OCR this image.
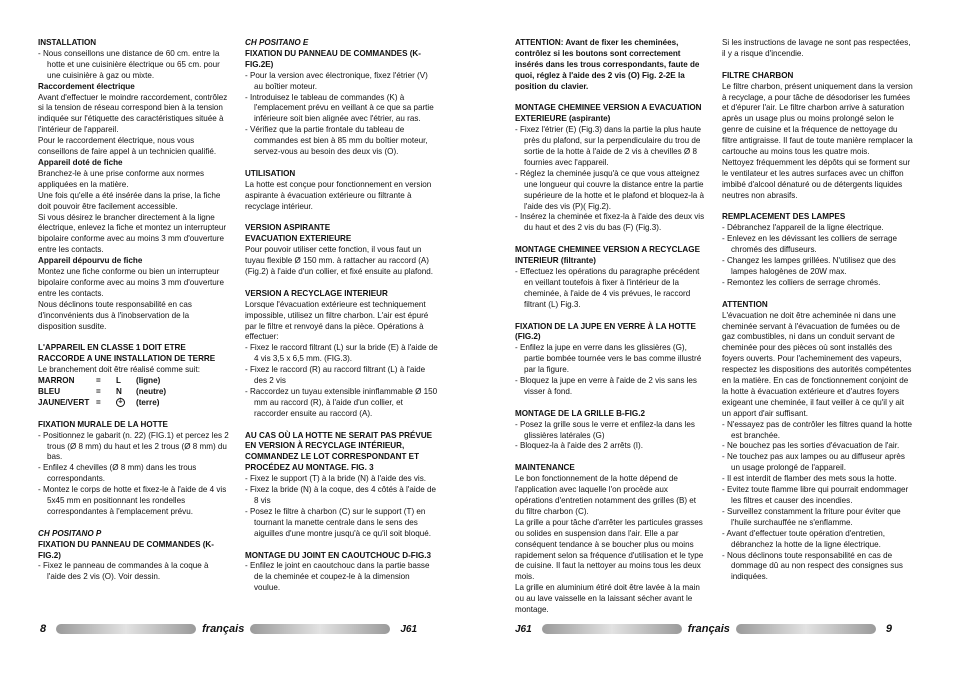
INSTALLATION

- Nous conseillons une distance de 60 cm. entre la hotte et une cuisinière électrique ou 65 cm. pour une cuisinière à gaz ou mixte.

Raccordement électrique

Avant d'effectuer le moindre raccordement, contrôlez si la tension de réseau correspond bien à la tension indiquée sur l'étiquette des caractéristiques située à l'intérieur de l'appareil.

Pour le raccordement électrique, nous vous conseillons de faire appel à un technicien qualifié.

Appareil doté de fiche

Branchez-le à une prise conforme aux normes appliquées en la matière.

Une fois qu'elle a été insérée dans la prise, la fiche doit pouvoir être facilement accessible.

Si vous désirez le brancher directement à la ligne électrique, enlevez la fiche et montez un interrupteur bipolaire conforme avec au moins 3 mm d'ouverture entre les contacts.

Appareil dépourvu de fiche

Montez une fiche conforme ou bien un interrupteur bipolaire conforme avec au moins 3 mm d'ouverture entre les contacts.

Nous déclinons toute responsabilité en cas d'inconvénients dus à l'inobservation de la disposition susdite.

L'APPAREIL EN CLASSE 1 DOIT ETRE RACCORDE A UNE INSTALLATION DE TERRE

Le branchement doit être réalisé comme suit:

MARRON	=	L	(ligne)
BLEU	=	N	(neutre)
JAUNE/VERT =	⏚ (terre)

FIXATION MURALE DE LA HOTTE

- Positionnez le gabarit (n. 22) (FIG.1) et percez les 2 trous (Ø 8 mm) du haut et les 2 trous (Ø 8 mm) du bas.

- Enfilez 4 chevilles (Ø 8 mm) dans les trous correspondants.

- Montez le corps de hotte et fixez-le à l'aide de 4 vis 5x45 mm en positionnant les rondelles correspondantes à l'emplacement prévu.

CH POSITANO P

FIXATION DU PANNEAU DE COMMANDES (K-FIG.2)

- Fixez le panneau de commandes à la coque à l'aide des 2 vis (O). Voir dessin.

CH POSITANO E

FIXATION DU PANNEAU DE COMMANDES (K-FIG.2E)

- Pour la version avec électronique, fixez l'étrier (V) au boîtier moteur.

- Introduisez le tableau de commandes (K) à l'emplacement prévu en veillant à ce que sa partie inférieure soit bien alignée avec l'étrier, au ras.

- Vérifiez que la partie frontale du tableau de commandes est bien à 85 mm du boîtier moteur, servez-vous au besoin des deux vis (O).

UTILISATION

La hotte est conçue pour fonctionnement en version aspirante à évacuation extérieure ou filtrante à recyclage intérieur.

VERSION ASPIRANTE

EVACUATION EXTERIEURE

Pour pouvoir utiliser cette fonction, il vous faut un tuyau flexible Ø 150 mm. à rattacher au raccord (A) (Fig.2) à l'aide d'un collier, et fixé ensuite au plafond.

VERSION A RECYCLAGE INTERIEUR

Lorsque l'évacuation extérieure est techniquement impossible, utilisez un filtre charbon. L'air est épuré par le filtre et renvoyé dans la pièce. Opérations à effectuer:

- Fixez le raccord filtrant (L) sur la bride (E) à l'aide de 4 vis 3,5 x 6,5 mm. (FIG.3).

- Fixez le raccord (R) au raccord filtrant (L) à l'aide des 2 vis

- Raccordez un tuyau extensible ininflammable Ø 150 mm au raccord (R), à l'aide d'un collier, et raccorder ensuite au raccord (A).

AU CAS OÙ LA HOTTE NE SERAIT PAS PRÉVUE EN VERSION À RECYCLAGE INTÉRIEUR, COMMANDEZ LE LOT CORRESPONDANT ET PROCÉDEZ AU MONTAGE. FIG. 3

- Fixez le support (T) à la bride (N) à l'aide des vis.

- Fixez la bride (N) à la coque, des 4 côtés à l'aide de 8 vis

- Posez le filtre à charbon (C) sur le support (T) en tournant la manette centrale dans le sens des aiguilles d'une montre jusqu'à ce qu'il soit bloqué.

MONTAGE DU JOINT EN CAOUTCHOUC D-FIG.3

- Enfilez le joint en caoutchouc dans la partie basse de la cheminée et coupez-le à la dimension voulue.

8	français	J61

ATTENTION: Avant de fixer les cheminées, contrôlez si les boutons sont correctement insérés dans les trous correspondants, faute de quoi, réglez à l'aide des 2 vis (O) Fig. 2-2E la position du clavier.

MONTAGE CHEMINEE VERSION A EVACUATION EXTERIEURE (aspirante)

- Fixez l'étrier (E) (Fig.3) dans la partie la plus haute près du plafond, sur la perpendiculaire du trou de sortie de la hotte à l'aide de 2 vis à chevilles Ø 8 fournies avec l'appareil.

- Réglez la cheminée jusqu'à ce que vous atteignez une longueur qui couvre la distance entre la partie supérieure de la hotte et le plafond et bloquez-la à l'aide des vis (P)( Fig.2).

- Insérez la cheminée et fixez-la à l'aide des deux vis du haut et des 2 vis du bas (F) (Fig.3).

MONTAGE CHEMINEE VERSION A RECYCLAGE INTERIEUR (filtrante)

- Effectuez les opérations du paragraphe précédent en veillant toutefois à fixer à l'intérieur de la cheminée, à l'aide de 4 vis prévues, le raccord filtrant (L) Fig.3.

FIXATION DE LA JUPE EN VERRE À LA HOTTE (FIG.2)

- Enfilez la jupe en verre dans les glissières (G), partie bombée tournée vers le bas comme illustré par la figure.

- Bloquez la jupe en verre à l'aide de 2 vis sans les visser à fond.

MONTAGE DE LA GRILLE B-FIG.2

- Posez la grille sous le verre et enfilez-la dans les glissières latérales (G)

- Bloquez-la à l'aide des 2 arrêts (I).

MAINTENANCE

Le bon fonctionnement de la hotte dépend de l'application avec laquelle l'on procède aux opérations d'entretien notamment des grilles (B) et du filtre charbon (C).

La grille a pour tâche d'arrêter les particules grasses ou solides en suspension dans l'air. Elle a par conséquent tendance à se boucher plus ou moins rapidement selon sa fréquence d'utilisation et le type de cuisine. Il faut la nettoyer au moins tous les deux mois.

La grille en aluminium étiré doit être lavée à la main ou au lave vaisselle en la laissant sécher avant le montage.

Si les instructions de lavage ne sont pas respectées, il y a risque d'incendie.

FILTRE CHARBON

Le filtre charbon, présent uniquement dans la version à recyclage, a pour tâche de désodoriser les fumées et d'épurer l'air. Le filtre charbon arrive à saturation après un usage plus ou moins prolongé selon le genre de cuisine et la fréquence de nettoyage du filtre antigraisse. Il faut de toute manière remplacer la cartouche au moins tous les quatre mois.

Nettoyez fréquemment les dépôts qui se forment sur le ventilateur et les autres surfaces avec un chiffon imbibé d'alcool dénaturé ou de détergents liquides neutres non abrasifs.

REMPLACEMENT DES LAMPES

- Débranchez l'appareil de la ligne électrique.

- Enlevez en les dévissant les colliers de serrage chromés des diffuseurs.

- Changez les lampes grillées. N'utilisez que des lampes halogènes de 20W max.

- Remontez les colliers de serrage chromés.

ATTENTION

L'évacuation ne doit être acheminée ni dans une cheminée servant à l'évacuation de fumées ou de gaz combustibles, ni dans un conduit servant de cheminée pour des pièces où sont installés des foyers ouverts. Pour l'acheminement des vapeurs, respectez les dispositions des autorités compétentes en la matière. En cas de fonctionnement conjoint de la hotte à évacuation extérieure et d'autres foyers exigeant une cheminée, il faut veiller à ce qu'il y ait un apport d'air suffisant.

- N'essayez pas de contrôler les filtres quand la hotte est branchée.

- Ne bouchez pas les sorties d'évacuation de l'air.

- Ne touchez pas aux lampes ou au diffuseur après un usage prolongé de l'appareil.

- Il est interdit de flamber des mets sous la hotte.

- Evitez toute flamme libre qui pourrait endommager les filtres et causer des incendies.

- Surveillez constamment la friture pour éviter que l'huile surchauffée ne s'enflamme.

- Avant d'effectuer toute opération d'entretien, débranchez la hotte de la ligne électrique.

- Nous déclinons toute responsabilité en cas de dommage dû au non respect des consignes sus indiquées.

J61	français	9
